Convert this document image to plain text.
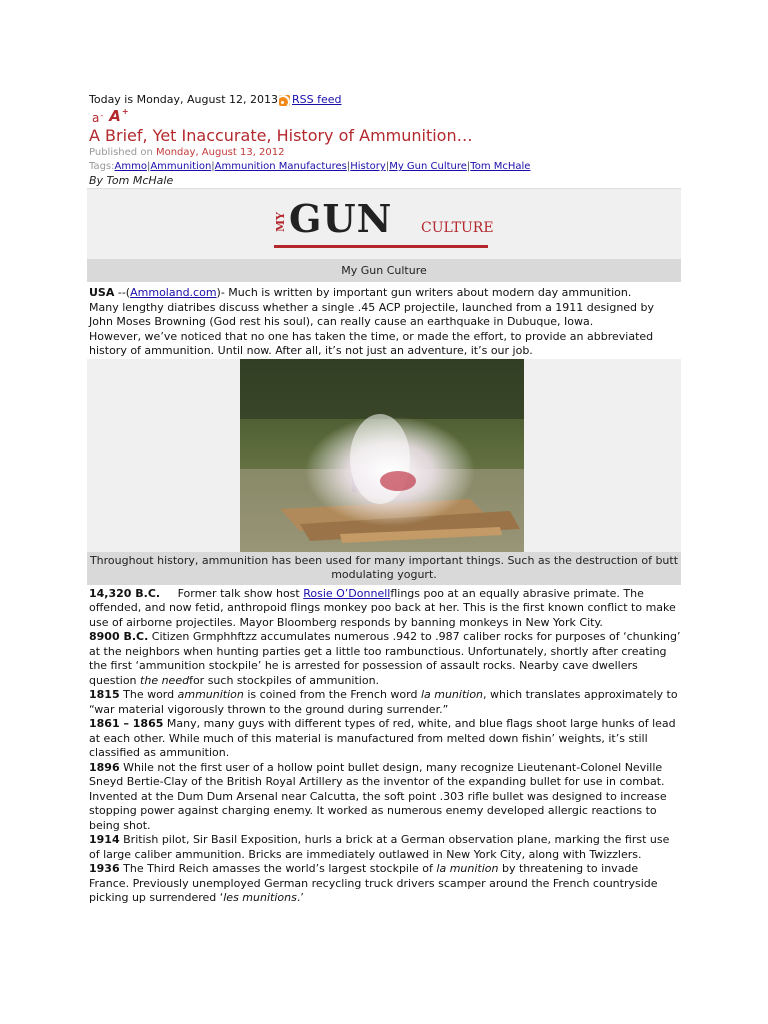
Today is Monday, August 12, 2013 RSS feed
a- A+
A Brief, Yet Inaccurate, History of Ammunition…
Published on Monday, August 13, 2012
Tags:Ammo|Ammunition|Ammunition Manufactures|History|My Gun Culture|Tom McHale
By Tom McHale
MY GUN CULTURE
My Gun Culture
USA --(Ammoland.com)- Much is written by important gun writers about modern day ammunition.
Many lengthy diatribes discuss whether a single .45 ACP projectile, launched from a 1911 designed by John Moses Browning (God rest his soul), can really cause an earthquake in Dubuque, Iowa.
However, we’ve noticed that no one has taken the time, or made the effort, to provide an abbreviated history of ammunition. Until now. After all, it’s not just an adventure, it’s our job.
Throughout history, ammunition has been used for many important things. Such as the destruction of butt modulating yogurt.
14,320 B.C.     Former talk show host Rosie O’Donnellflings poo at an equally abrasive primate. The offended, and now fetid, anthropoid flings monkey poo back at her. This is the first known conflict to make use of airborne projectiles. Mayor Bloomberg responds by banning monkeys in New York City.
8900 B.C. Citizen Grmphhftzz accumulates numerous .942 to .987 caliber rocks for purposes of ‘chunking’ at the neighbors when hunting parties get a little too rambunctious. Unfortunately, shortly after creating the first ‘ammunition stockpile’ he is arrested for possession of assault rocks. Nearby cave dwellers question the needfor such stockpiles of ammunition.
1815 The word ammunition is coined from the French word la munition, which translates approximately to “war material vigorously thrown to the ground during surrender.”
1861 – 1865 Many, many guys with different types of red, white, and blue flags shoot large hunks of lead at each other. While much of this material is manufactured from melted down fishin’ weights, it’s still classified as ammunition.
1896 While not the first user of a hollow point bullet design, many recognize Lieutenant-Colonel Neville Sneyd Bertie-Clay of the British Royal Artillery as the inventor of the expanding bullet for use in combat. Invented at the Dum Dum Arsenal near Calcutta, the soft point .303 rifle bullet was designed to increase stopping power against charging enemy. It worked as numerous enemy developed allergic reactions to being shot.
1914 British pilot, Sir Basil Exposition, hurls a brick at a German observation plane, marking the first use of large caliber ammunition. Bricks are immediately outlawed in New York City, along with Twizzlers.
1936 The Third Reich amasses the world’s largest stockpile of la munition by threatening to invade France. Previously unemployed German recycling truck drivers scamper around the French countryside picking up surrendered ‘les munitions.’
